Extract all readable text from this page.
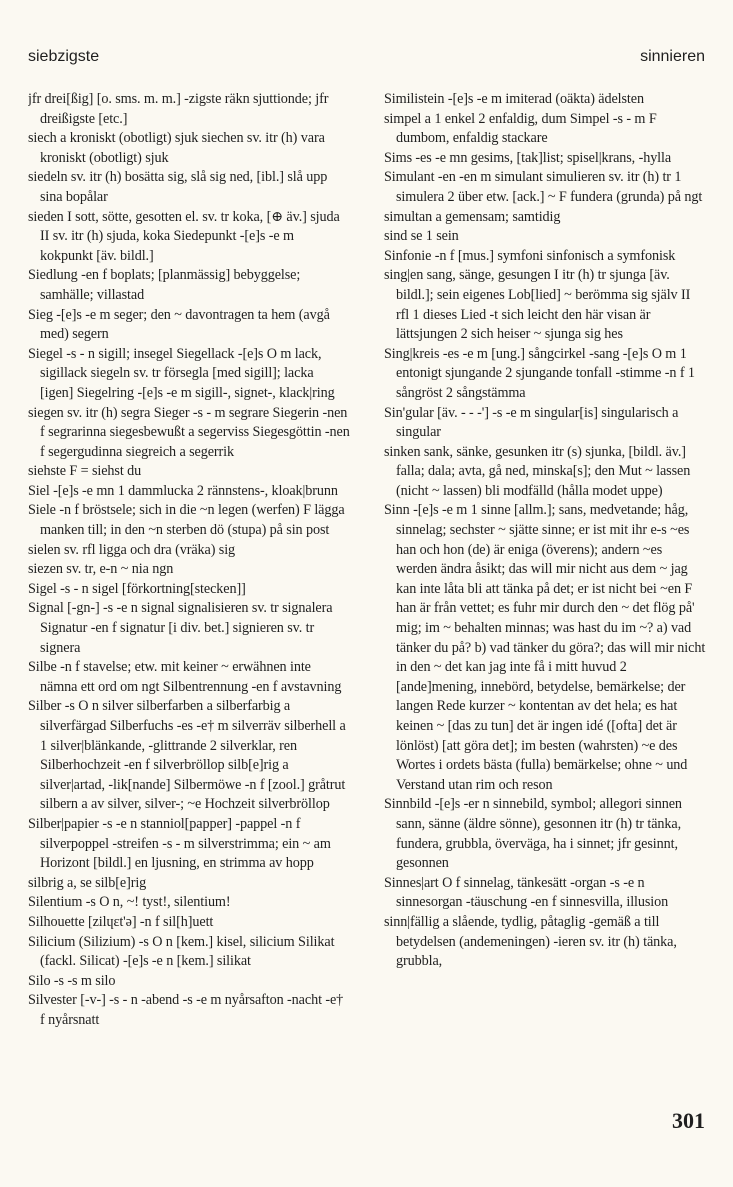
siebzigste	sinnieren

jfr drei[ßig] [o. sms. m. m.] -zigste räkn sjuttionde; jfr dreißigste [etc.]

siech a kroniskt (obotligt) sjuk siechen sv. itr (h) vara kroniskt (obotligt) sjuk

siedeln sv. itr (h) bosätta sig, slå sig ned, [ibl.] slå upp sina bopålar

sieden I sott, sötte, gesotten el. sv. tr koka, [⊕ äv.] sjuda II sv. itr (h) sjuda, koka Siedepunkt -[e]s -e m kokpunkt [äv. bildl.]

Siedlung -en f boplats; [planmässig] bebyggelse; samhälle; villastad

Sieg -[e]s -e m seger; den ~ davontragen ta hem (avgå med) segern

Siegel -s - n sigill; insegel Siegellack -[e]s O m lack, sigillack siegeln sv. tr försegla [med sigill]; lacka [igen] Siegelring -[e]s -e m sigill-, signet-, klack|ring

siegen sv. itr (h) segra Sieger -s - m segrare Siegerin -nen f segrarinna siegesbewußt a segerviss Siegesgöttin -nen f segergudinna siegreich a segerrik

siehste F = siehst du

Siel -[e]s -e mn 1 dammlucka 2 rännstens-, kloak|brunn

Siele -n f bröstsele; sich in die ~n legen (werfen) F lägga manken till; in den ~n sterben dö (stupa) på sin post

sielen sv. rfl ligga och dra (vräka) sig

siezen sv. tr, e-n ~ nia ngn

Sigel -s - n sigel [förkortning[stecken]]

Signal [-gn-] -s -e n signal signalisieren sv. tr signalera Signatur -en f signatur [i div. bet.] signieren sv. tr signera

Silbe -n f stavelse; etw. mit keiner ~ erwähnen inte nämna ett ord om ngt Silbentrennung -en f avstavning

Silber -s O n silver silberfarben a silberfarbig a silverfärgad Silberfuchs -es -e† m silverräv silberhell a 1 silver|blänkande, -glittrande 2 silverklar, ren Silberhochzeit -en f silverbröllop silb[e]rig a silver|artad, -lik[nande] Silbermöwe -n f [zool.] gråtrut silbern a av silver, silver-; ~e Hochzeit silverbröllop

Silber|papier -s -e n stanniol[papper] -pappel -n f silverpoppel -streifen -s - m silverstrimma; ein ~ am Horizont [bildl.] en ljusning, en strimma av hopp

silbrig a, se silb[e]rig

Silentium -s O n, ~! tyst!, silentium!

Silhouette [zilɥɛt'ə] -n f sil[h]uett

Silicium (Silizium) -s O n [kem.] kisel, silicium Silikat (fackl. Silicat) -[e]s -e n [kem.] silikat

Silo -s -s m silo

Silvester [-v-] -s - n -abend -s -e m nyårsafton -nacht -e† f nyårsnatt

Similistein -[e]s -e m imiterad (oäkta) ädelsten

simpel a 1 enkel 2 enfaldig, dum Simpel -s - m F dumbom, enfaldig stackare

Sims -es -e mn gesims, [tak]list; spisel|krans, -hylla

Simulant -en -en m simulant simulieren sv. itr (h) tr 1 simulera 2 über etw. [ack.] ~ F fundera (grunda) på ngt

simultan a gemensam; samtidig

sind se 1 sein

Sinfonie -n f [mus.] symfoni sinfonisch a symfonisk

sing|en sang, sänge, gesungen I itr (h) tr sjunga [äv. bildl.]; sein eigenes Lob[lied] ~ berömma sig själv II rfl 1 dieses Lied -t sich leicht den här visan är lättsjungen 2 sich heiser ~ sjunga sig hes

Sing|kreis -es -e m [ung.] sångcirkel -sang -[e]s O m 1 entonigt sjungande 2 sjungande tonfall -stimme -n f 1 sångröst 2 sångstämma

Sin'gular [äv. - - -'] -s -e m singular[is] singularisch a singular

sinken sank, sänke, gesunken itr (s) sjunka, [bildl. äv.] falla; dala; avta, gå ned, minska[s]; den Mut ~ lassen (nicht ~ lassen) bli modfälld (hålla modet uppe)

Sinn -[e]s -e m 1 sinne [allm.]; sans, medvetande; håg, sinnelag; sechster ~ sjätte sinne; er ist mit ihr e-s ~es han och hon (de) är eniga (överens); andern ~es werden ändra åsikt; das will mir nicht aus dem ~ jag kan inte låta bli att tänka på det; er ist nicht bei ~en F han är från vettet; es fuhr mir durch den ~ det flög på' mig; im ~ behalten minnas; was hast du im ~? a) vad tänker du på? b) vad tänker du göra?; das will mir nicht in den ~ det kan jag inte få i mitt huvud 2 [ande]mening, innebörd, betydelse, bemärkelse; der langen Rede kurzer ~ kontentan av det hela; es hat keinen ~ [das zu tun] det är ingen idé ([ofta] det är lönlöst) [att göra det]; im besten (wahrsten) ~e des Wortes i ordets bästa (fulla) bemärkelse; ohne ~ und Verstand utan rim och reson

Sinnbild -[e]s -er n sinnebild, symbol; allegori sinnen sann, sänne (äldre sönne), gesonnen itr (h) tr tänka, fundera, grubbla, överväga, ha i sinnet; jfr gesinnt, gesonnen

Sinnes|art O f sinnelag, tänkesätt -organ -s -e n sinnesorgan -täuschung -en f sinnesvilla, illusion

sinn|fällig a slående, tydlig, påtaglig -gemäß a till betydelsen (andemeningen) -ieren sv. itr (h) tänka, grubbla,

301
